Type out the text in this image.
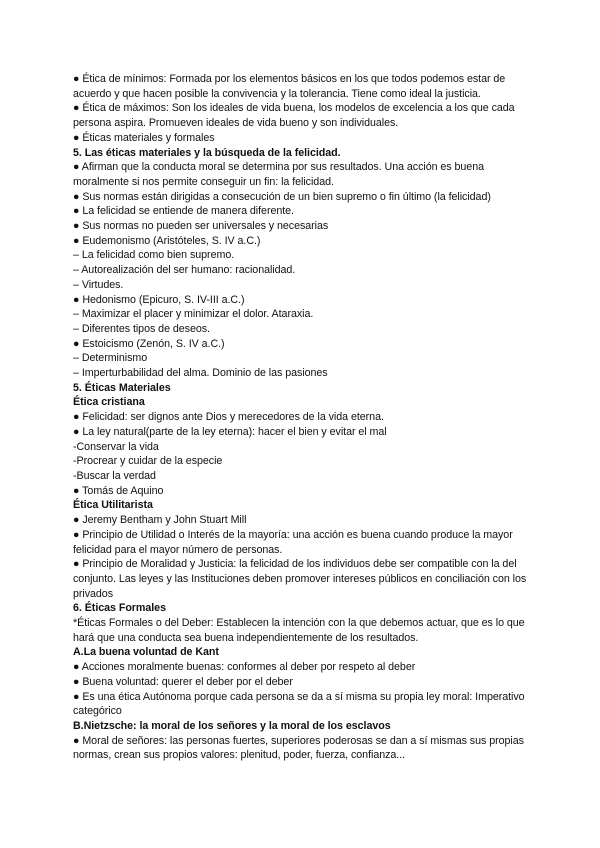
● Ética de mínimos: Formada por los elementos básicos en los que todos podemos estar de acuerdo y que hacen posible la convivencia y la tolerancia. Tiene como ideal la justicia.

● Ética de máximos: Son los ideales de vida buena, los modelos de excelencia a los que cada persona aspira. Promueven ideales de vida bueno y son individuales.

● Éticas materiales y formales

5. Las éticas materiales y la búsqueda de la felicidad.

● Afirman que la conducta moral se determina por sus resultados. Una acción es buena moralmente si nos permite conseguir un fin: la felicidad.

● Sus normas están dirigidas a consecución de un bien supremo o fin último (la felicidad)

● La felicidad se entiende de manera diferente.

● Sus normas no pueden ser universales y necesarias

● Eudemonismo (Aristóteles, S. IV a.C.)

– La felicidad como bien supremo.

– Autorealización del ser humano: racionalidad.

– Virtudes.

● Hedonismo (Epicuro, S. IV-III a.C.)

– Maximizar el placer y minimizar el dolor. Ataraxia.

– Diferentes tipos de deseos.

● Estoicismo (Zenón, S. IV a.C.)

– Determinismo

– Imperturbabilidad del alma. Dominio de las pasiones

5. Éticas Materiales

Ética cristiana

● Felicidad: ser dignos ante Dios y merecedores de la vida eterna.

● La ley natural(parte de la ley eterna): hacer el bien y evitar el mal

-Conservar la vida

-Procrear y cuidar de la especie

-Buscar la verdad

● Tomás de Aquino

Ética Utilitarista

● Jeremy Bentham y John Stuart Mill

● Principio de Utilidad o Interés de la mayoría: una acción es buena cuando produce la mayor felicidad para el mayor número de personas.

● Principio de Moralidad y Justicia: la felicidad de los individuos debe ser compatible con la del conjunto. Las leyes y las Instituciones deben promover intereses públicos en conciliación con los privados

6. Éticas Formales

*Éticas Formales o del Deber: Establecen la intención con la que debemos actuar, que es lo que hará que una conducta sea buena independientemente de los resultados.

A.La buena voluntad de Kant

● Acciones moralmente buenas: conformes al deber por respeto al deber

● Buena voluntad: querer el deber por el deber

● Es una ética Autónoma porque cada persona se da a sí misma su propia ley moral: Imperativo categórico

B.Nietzsche: la moral de los señores y la moral de los esclavos

● Moral de señores: las personas fuertes, superiores poderosas se dan a sí mismas sus propias normas, crean sus propios valores: plenitud, poder, fuerza, confianza...
